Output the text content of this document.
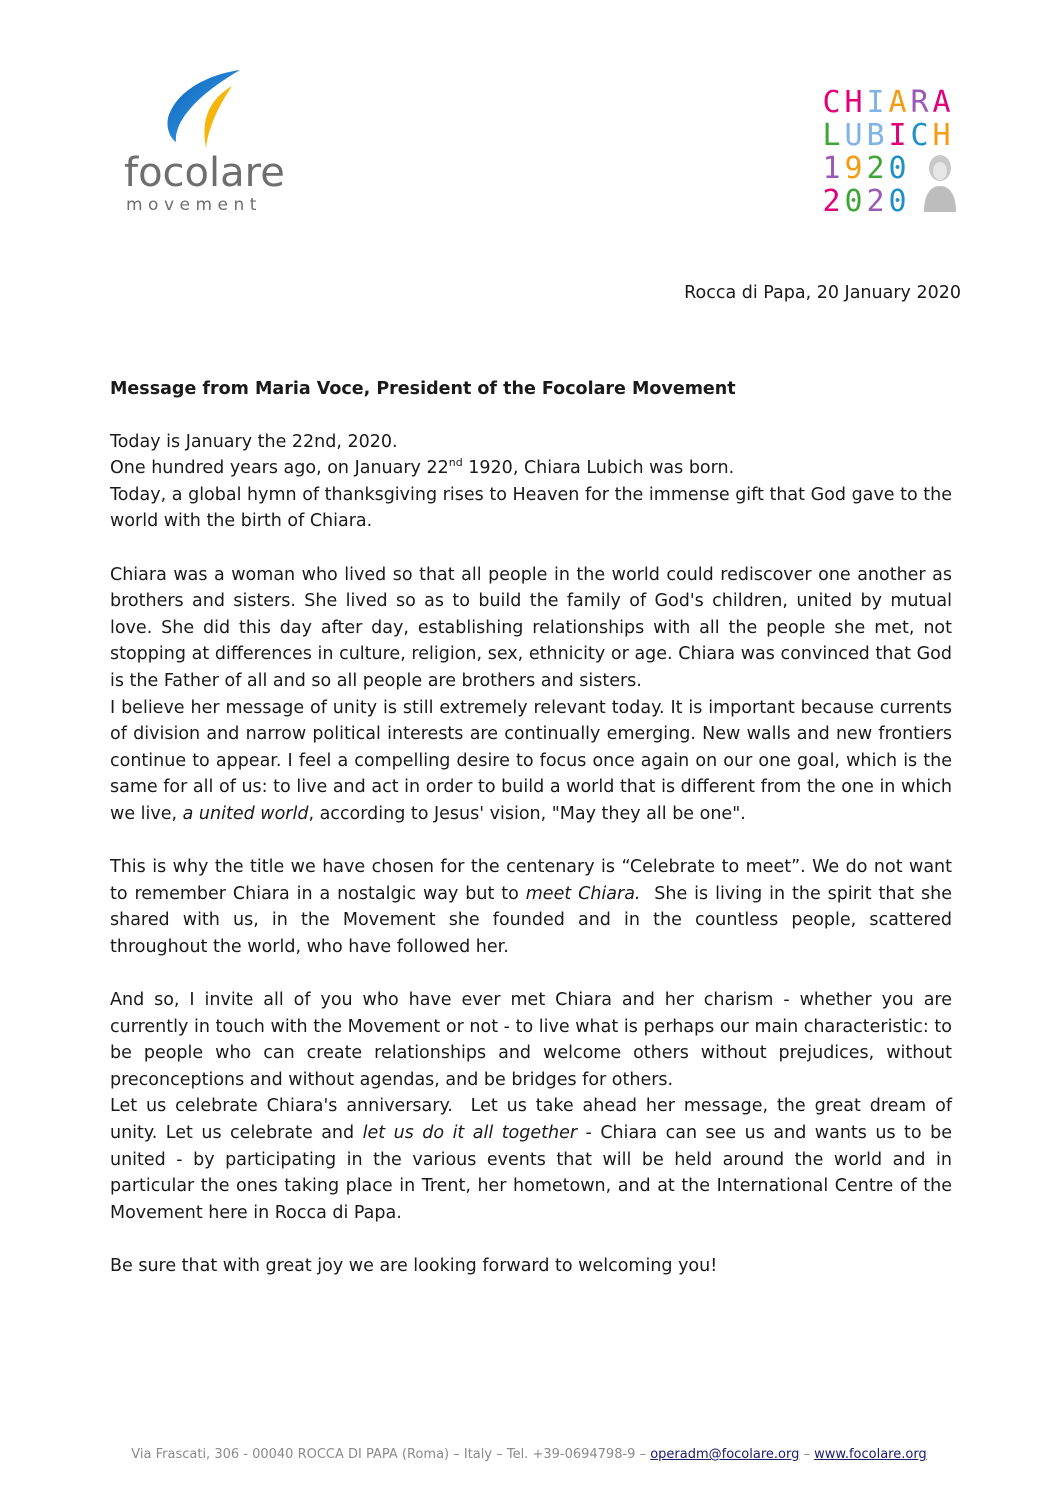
focolare
movement
CHIARA
LUBICH
1920
2020
Rocca di Papa, 20 January 2020

Message from Maria Voce, President of the Focolare Movement

Today is January the 22nd, 2020.

One hundred years ago, on January 22nd 1920, Chiara Lubich was born.

Today, a global hymn of thanksgiving rises to Heaven for the immense gift that God gave to the world with the birth of Chiara.

Chiara was a woman who lived so that all people in the world could rediscover one another as brothers and sisters. She lived so as to build the family of God's children, united by mutual love. She did this day after day, establishing relationships with all the people she met, not stopping at differences in culture, religion, sex, ethnicity or age. Chiara was convinced that God is the Father of all and so all people are brothers and sisters.

I believe her message of unity is still extremely relevant today. It is important because currents of division and narrow political interests are continually emerging. New walls and new frontiers continue to appear. I feel a compelling desire to focus once again on our one goal, which is the same for all of us: to live and act in order to build a world that is different from the one in which we live, a united world, according to Jesus' vision, "May they all be one".

This is why the title we have chosen for the centenary is “Celebrate to meet”. We do not want to remember Chiara in a nostalgic way but to meet Chiara.  She is living in the spirit that she shared with us, in the Movement she founded and in the countless people, scattered throughout the world, who have followed her.

And so, I invite all of you who have ever met Chiara and her charism - whether you are currently in touch with the Movement or not - to live what is perhaps our main characteristic: to be people who can create relationships and welcome others without prejudices, without preconceptions and without agendas, and be bridges for others.

Let us celebrate Chiara's anniversary.  Let us take ahead her message, the great dream of unity. Let us celebrate and let us do it all together - Chiara can see us and wants us to be united - by participating in the various events that will be held around the world and in particular the ones taking place in Trent, her hometown, and at the International Centre of the Movement here in Rocca di Papa.

Be sure that with great joy we are looking forward to welcoming you!

Via Frascati, 306 - 00040 ROCCA DI PAPA (Roma) – Italy – Tel. +39-0694798-9 – operadm@focolare.org – www.focolare.org
